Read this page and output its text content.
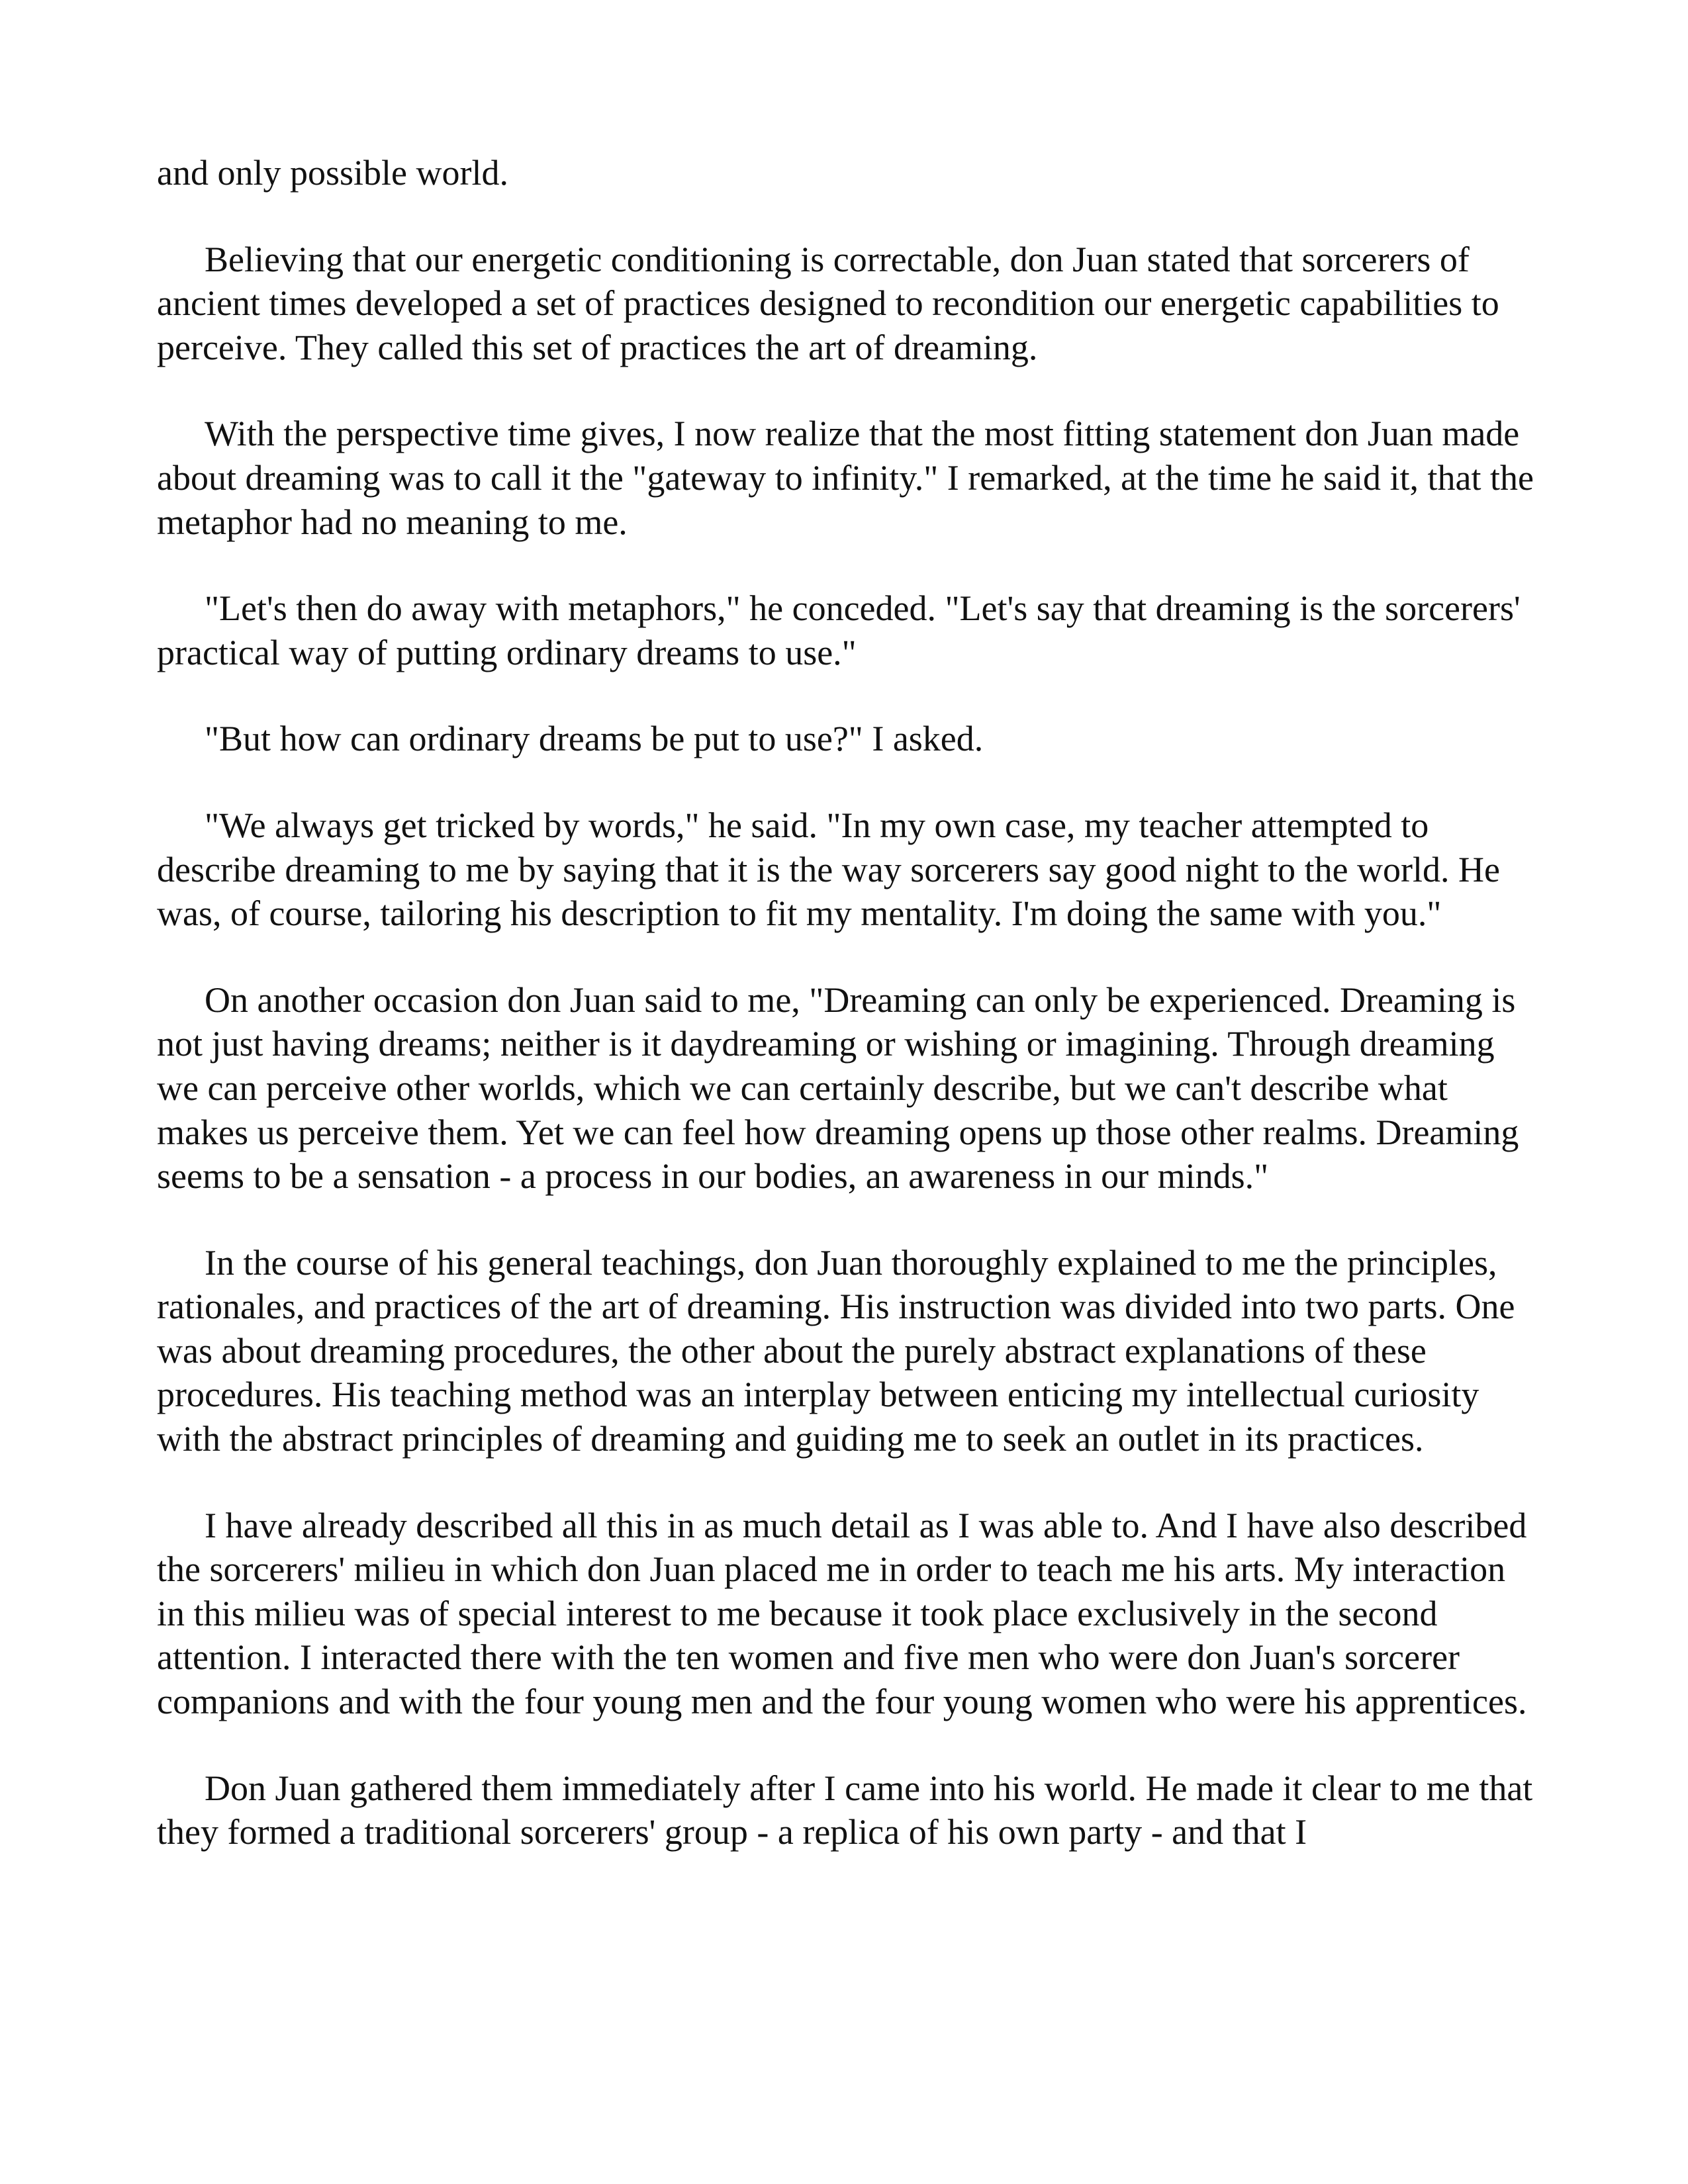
and only possible world.

Believing that our energetic conditioning is correctable, don Juan stated that sorcerers of ancient times developed a set of practices designed to recondition our energetic capabilities to perceive. They called this set of practices the art of dreaming.

With the perspective time gives, I now realize that the most fitting statement don Juan made about dreaming was to call it the "gateway to infinity." I remarked, at the time he said it, that the metaphor had no meaning to me.

"Let's then do away with metaphors," he conceded. "Let's say that dreaming is the sorcerers' practical way of putting ordinary dreams to use."

"But how can ordinary dreams be put to use?" I asked.

"We always get tricked by words," he said. "In my own case, my teacher attempted to describe dreaming to me by saying that it is the way sorcerers say good night to the world. He was, of course, tailoring his description to fit my mentality. I'm doing the same with you."

On another occasion don Juan said to me, "Dreaming can only be experienced. Dreaming is not just having dreams; neither is it daydreaming or wishing or imagining. Through dreaming we can perceive other worlds, which we can certainly describe, but we can't describe what makes us perceive them. Yet we can feel how dreaming opens up those other realms. Dreaming seems to be a sensation - a process in our bodies, an awareness in our minds."

In the course of his general teachings, don Juan thoroughly explained to me the principles, rationales, and practices of the art of dreaming. His instruction was divided into two parts. One was about dreaming procedures, the other about the purely abstract explanations of these procedures. His teaching method was an interplay between enticing my intellectual curiosity with the abstract principles of dreaming and guiding me to seek an outlet in its practices.

I have already described all this in as much detail as I was able to. And I have also described the sorcerers' milieu in which don Juan placed me in order to teach me his arts. My interaction in this milieu was of special interest to me because it took place exclusively in the second attention. I interacted there with the ten women and five men who were don Juan's sorcerer companions and with the four young men and the four young women who were his apprentices.

Don Juan gathered them immediately after I came into his world. He made it clear to me that they formed a traditional sorcerers' group - a replica of his own party - and that I
